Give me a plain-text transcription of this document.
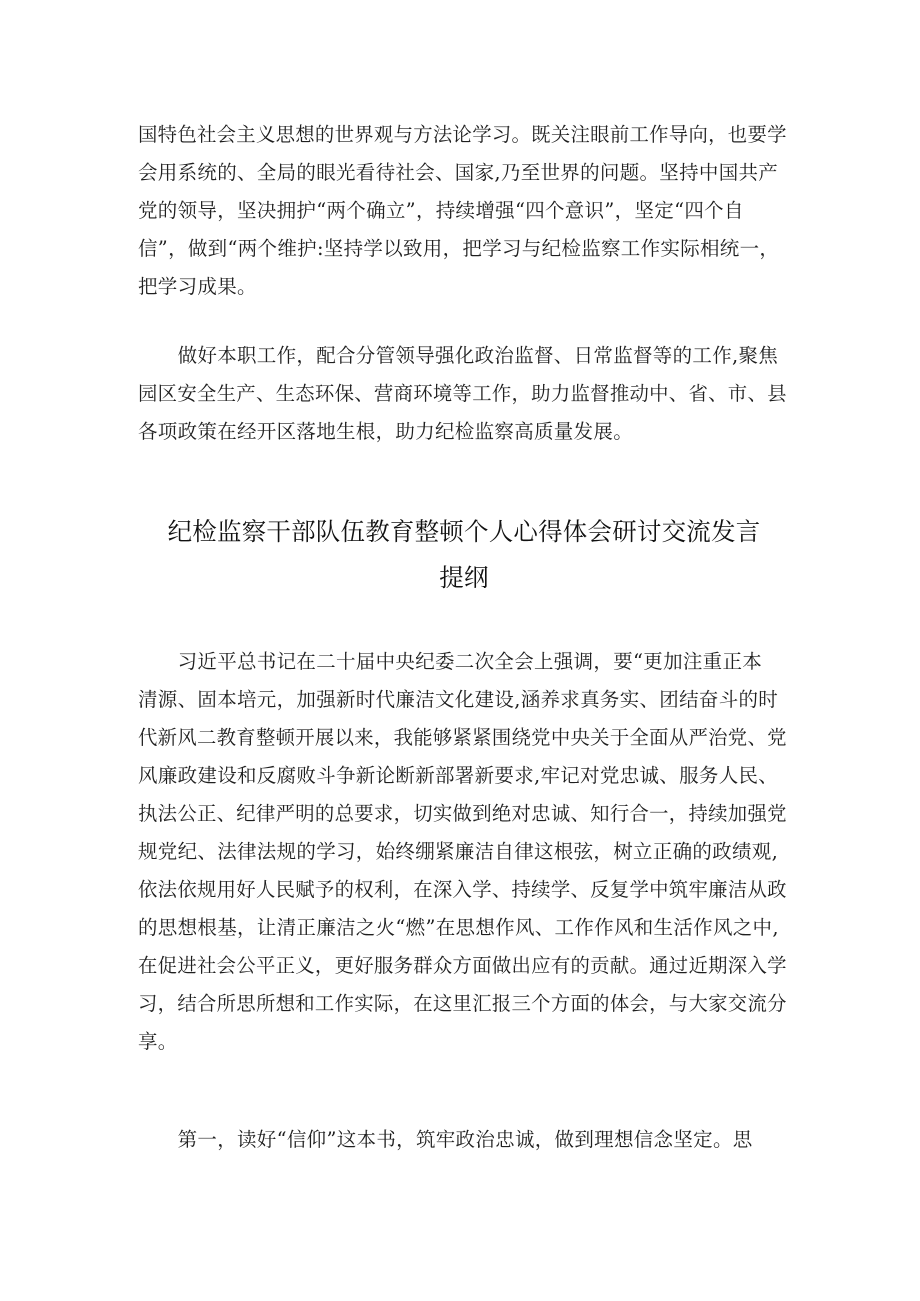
国特色社会主义思想的世界观与方法论学习。既关注眼前工作导向，也要学
会用系统的、全局的眼光看待社会、国家,乃至世界的问题。坚持中国共产
党的领导，坚决拥护“两个确立”，持续增强“四个意识”，坚定“四个自
信”，做到“两个维护:坚持学以致用，把学习与纪检监察工作实际相统一，
把学习成果。
　　做好本职工作，配合分管领导强化政治监督、日常监督等的工作,聚焦
园区安全生产、生态环保、营商环境等工作，助力监督推动中、省、市、县
各项政策在经开区落地生根，助力纪检监察高质量发展。
纪检监察干部队伍教育整顿个人心得体会研讨交流发言
提纲
　　习近平总书记在二十届中央纪委二次全会上强调，要“更加注重正本
清源、固本培元，加强新时代廉洁文化建设,涵养求真务实、团结奋斗的时
代新风二教育整顿开展以来，我能够紧紧围绕党中央关于全面从严治党、党
风廉政建设和反腐败斗争新论断新部署新要求,牢记对党忠诚、服务人民、
执法公正、纪律严明的总要求，切实做到绝对忠诚、知行合一，持续加强党
规党纪、法律法规的学习，始终绷紧廉洁自律这根弦，树立正确的政绩观,
依法依规用好人民赋予的权利，在深入学、持续学、反复学中筑牢廉洁从政
的思想根基，让清正廉洁之火“燃”在思想作风、工作作风和生活作风之中,
在促进社会公平正义，更好服务群众方面做出应有的贡献。通过近期深入学
习，结合所思所想和工作实际，在这里汇报三个方面的体会，与大家交流分
享。
　　第一，读好“信仰”这本书，筑牢政治忠诚，做到理想信念坚定。思
